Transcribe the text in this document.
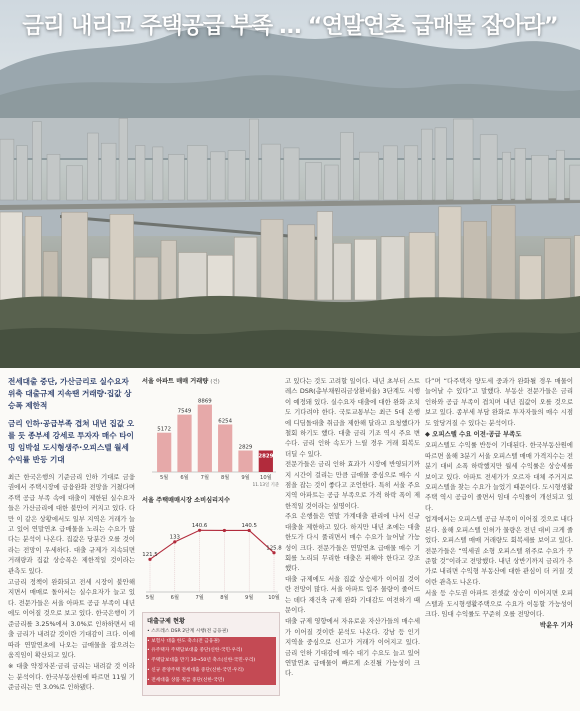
금리 내리고 주택공급 부족 … “연말연초 급매물 잡아라”

전세대출 중단, 가산금리로 실수요자 위축 대출규제 지속땐 거래량·집값 상승폭 제한적

금리 인하·공급부족 겹쳐 내년 집값 오를 듯 종부세 강세로 투자자 매수 타이밍 임박설 도시형생주·오피스텔 월세수익률 반등 기대

최근 한국은행의 기준금리 인하 기대로 금융권에서 주택시장에 금융완화 전망을 거쳤다며 주택 공급 부족 속에 대출이 제한된 실수요자들은 가산금리에 대한 불만이 커지고 있다. 다만 이 같은 상황에서도 일부 지역은 거래가 늘고 있어 연말연초 급매물을 노리는 수요가 많다는 분석이 나온다. 집값은 당분간 오를 것이라는 전망이 우세하다. 대출 규제가 지속되면 거래량과 집값 상승폭은 제한적일 것이라는 관측도 있다.

고금리 정책이 완화되고 전세 시장이 불안해지면서 매매로 돌아서는 실수요자가 늘고 있다. 전문가들은 서울 아파트 공급 부족이 내년에도 이어질 것으로 보고 있다. 한국은행이 기준금리를 3.25%에서 3.0%로 인하하면서 대출 금리가 내려갈 것이란 기대감이 크다. 이에 따라 연말연초에 나오는 급매물을 잡으려는 움직임이 확산되고 있다.

※ 대출 약정자본·금리 금리는 내려갈 것 이라는 분석이다. 한국부동산원에 따르면 11월 기준금리는 연 3.0%로 인하됐다.

고 있다는 것도 고려할 일이다. 내년 초부터 스트레스 DSR(총부채원리금상환비율) 3단계도 시행이 예정돼 있다. 실수요자 대출에 대한 완화 조치도 기다려야 한다. 국토교통부는 최근 5대 은행에 디딤돌대출 취급을 제한해 달라고 요청했다가 철회 하기도 했다. 대출 금리 기조 역시 주요 변수다. 금리 인하 속도가 느릴 경우 거래 회복도 더딜 수 있다.
전문가들은 금리 인하 효과가 시장에 반영되기까지 시간이 걸리는 만큼 급매물 중심으로 매수 시점을 잡는 것이 좋다고 조언한다. 특히 서울 주요 지역 아파트는 공급 부족으로 가격 하락 폭이 제한적일 것이라는 설명이다.
주요 은행들은 연말 가계대출 관리에 나서 신규 대출을 제한하고 있다. 하지만 내년 초에는 대출 한도가 다시 풀리면서 매수 수요가 늘어날 가능성이 크다. 전문가들은 연말연초 급매물 매수 기회를 노리되 무리한 대출은 피해야 한다고 강조했다.
대출 규제에도 서울 집값 상승세가 이어질 것이란 전망이 많다. 서울 아파트 입주 물량이 줄어드는 데다 재건축 규제 완화 기대감도 여전하기 때문이다.

대출 규제 영향에서 자유로운 자산가들의 매수세가 이어질 것이란 분석도 나온다. 강남 등 인기 지역을 중심으로 신고가 거래가 이어지고 있다. 금리 인하 기대감에 매수 대기 수요도 늘고 있어 연말연초 급매물이 빠르게 소진될 가능성이 크다.

다”며 “다주택자 양도세 중과가 완화될 경우 매물이 늘어날 수 있다”고 말했다. 부동산 전문가들은 금리 인하와 공급 부족이 겹치며 내년 집값이 오를 것으로 보고 있다. 종부세 부담 완화로 투자자들의 매수 시점도 앞당겨질 수 있다는 분석이다.

◆ 오피스텔 수요 이전·공급 부족도

오피스텔도 수익률 반등이 기대된다. 한국부동산원에 따르면 올해 3분기 서울 오피스텔 매매 가격지수는 전분기 대비 소폭 하락했지만 월세 수익률은 상승세를 보이고 있다. 아파트 전세가가 오르자 대체 주거지로 오피스텔을 찾는 수요가 늘었기 때문이다. 도시형생활주택 역시 공급이 줄면서 임대 수익률이 개선되고 있다.

업계에서는 오피스텔 공급 부족이 이어질 것으로 내다본다. 올해 오피스텔 인허가 물량은 전년 대비 크게 줄었다. 오피스텔 매매 거래량도 회복세를 보이고 있다. 전문가들은 “역세권 소형 오피스텔 위주로 수요가 꾸준할 것”이라고 전망했다. 내년 상반기까지 금리가 추가로 내리면 수익형 부동산에 대한 관심이 더 커질 것이란 관측도 나온다.

서울 등 수도권 아파트 전셋값 상승이 이어지면 오피스텔과 도시형생활주택으로 수요가 이동할 가능성이 크다. 임대 수익률도 꾸준히 오를 전망이다.

박윤우 기자

서울 아파트 매매 거래량 (건)
5172
5월
7549
6월
8869
7월
6254
8월
2829
9월
2829
10월
11.13일 기준
서울 주택매매시장 소비심리지수
121.5
5월
133
6월
140.6
7월	8월
140.5
9월
125.8
10월
대출규제 현황
• 스트레스 DSR 2단계 시행(전 금융권)
• 보험사 대출 한도 축소(전 금융권)
• 유주택자 주택담보대출 중단(신한·국민·우리)
• 주택담보대출 만기 30→50년 축소(신한·국민·우리)
• 신규 분양주택 전세대출 중단(신한·국민·우리)
• 전세대출 상품 취급 중단(신한·국민)
